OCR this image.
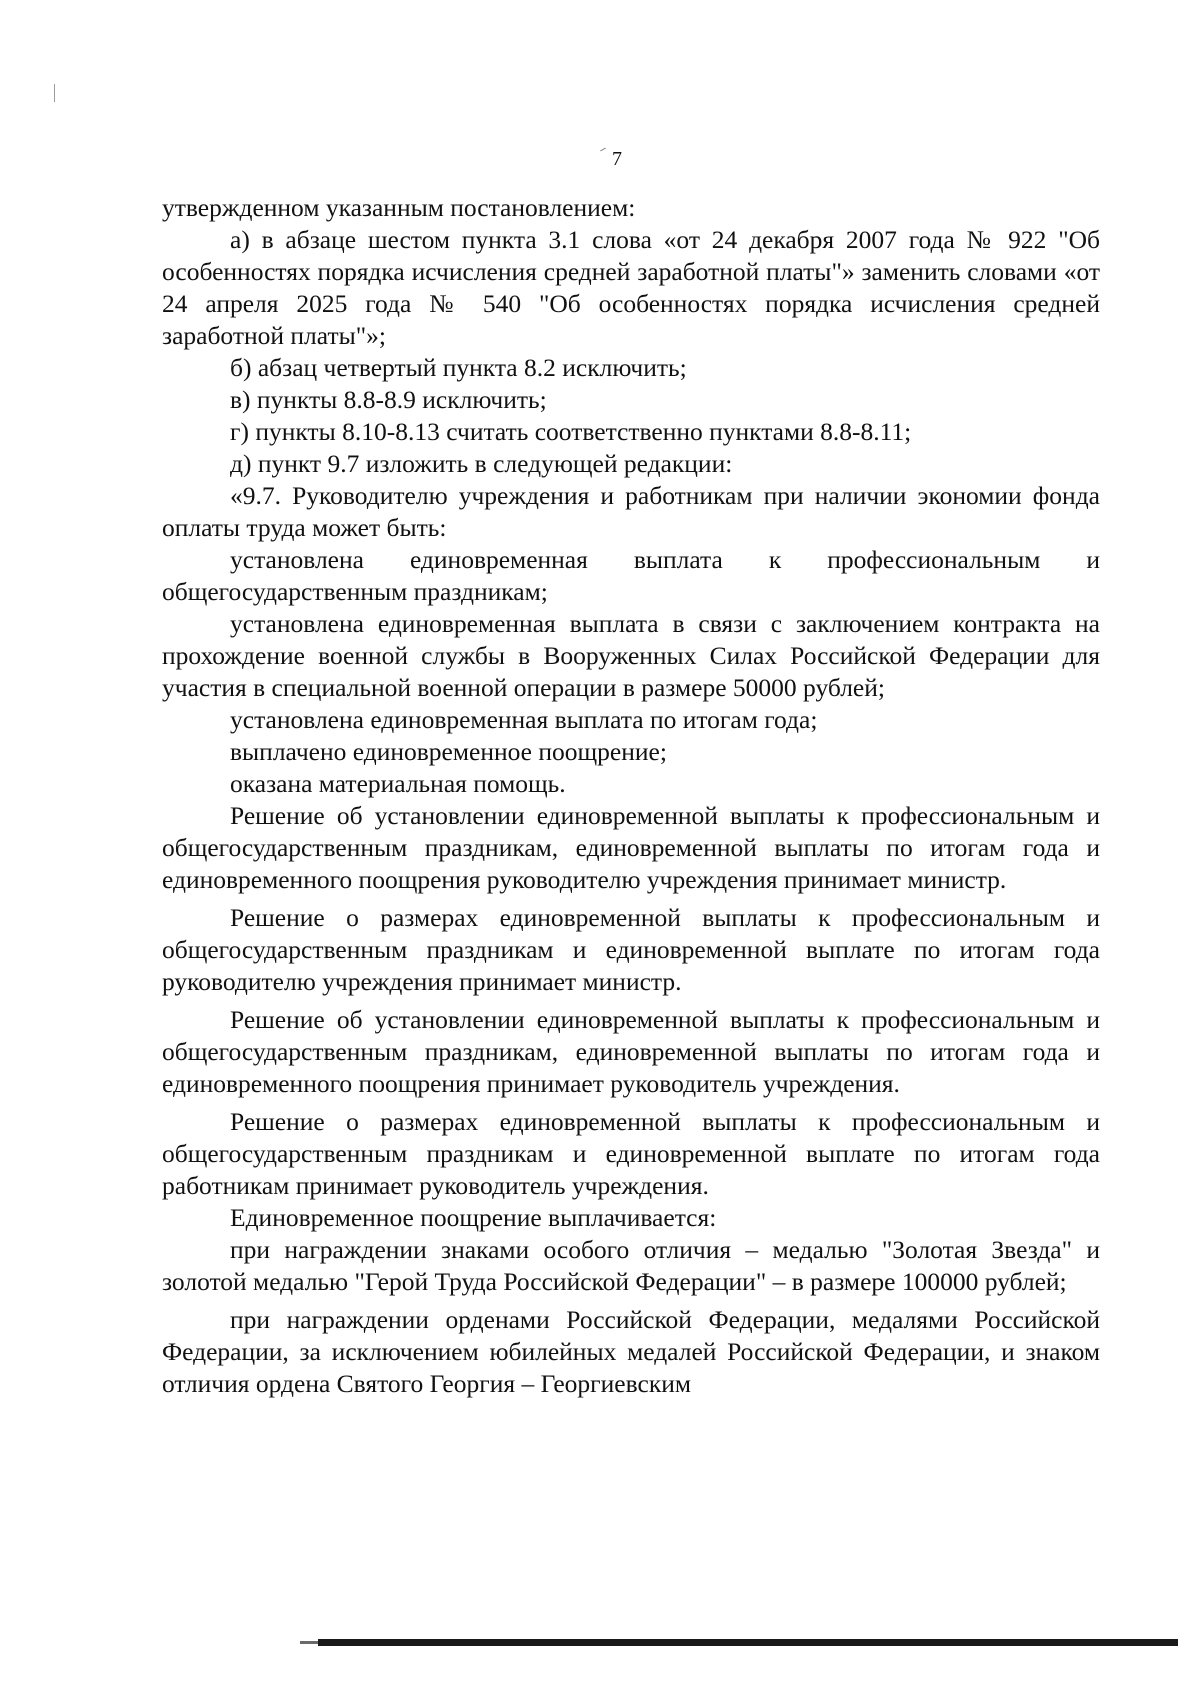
7

утвержденном указанным постановлением:

а) в абзаце шестом пункта 3.1 слова «от 24 декабря 2007 года № 922 "Об особенностях порядка исчисления средней заработной платы"» заменить словами «от 24 апреля 2025 года № 540 "Об особенностях порядка исчисления средней заработной платы"»;

б) абзац четвертый пункта 8.2 исключить;

в) пункты 8.8-8.9 исключить;

г) пункты 8.10-8.13 считать соответственно пунктами 8.8-8.11;

д) пункт 9.7 изложить в следующей редакции:

«9.7. Руководителю учреждения и работникам при наличии экономии фонда оплаты труда может быть:

установлена единовременная выплата к профессиональным и общегосударственным праздникам;

установлена единовременная выплата в связи с заключением контракта на прохождение военной службы в Вооруженных Силах Российской Федерации для участия в специальной военной операции в размере 50000 рублей;

установлена единовременная выплата по итогам года;

выплачено единовременное поощрение;

оказана материальная помощь.

Решение об установлении единовременной выплаты к профессиональным и общегосударственным праздникам, единовременной выплаты по итогам года и единовременного поощрения руководителю учреждения принимает министр.

Решение о размерах единовременной выплаты к профессиональным и общегосударственным праздникам и единовременной выплате по итогам года руководителю учреждения принимает министр.

Решение об установлении единовременной выплаты к профессиональным и общегосударственным праздникам, единовременной выплаты по итогам года и единовременного поощрения принимает руководитель учреждения.

Решение о размерах единовременной выплаты к профессиональным и общегосударственным праздникам и единовременной выплате по итогам года работникам принимает руководитель учреждения.

Единовременное поощрение выплачивается:

при награждении знаками особого отличия – медалью "Золотая Звезда" и золотой медалью "Герой Труда Российской Федерации" – в размере 100000 рублей;

при награждении орденами Российской Федерации, медалями Российской Федерации, за исключением юбилейных медалей Российской Федерации, и знаком отличия ордена Святого Георгия – Георгиевским
